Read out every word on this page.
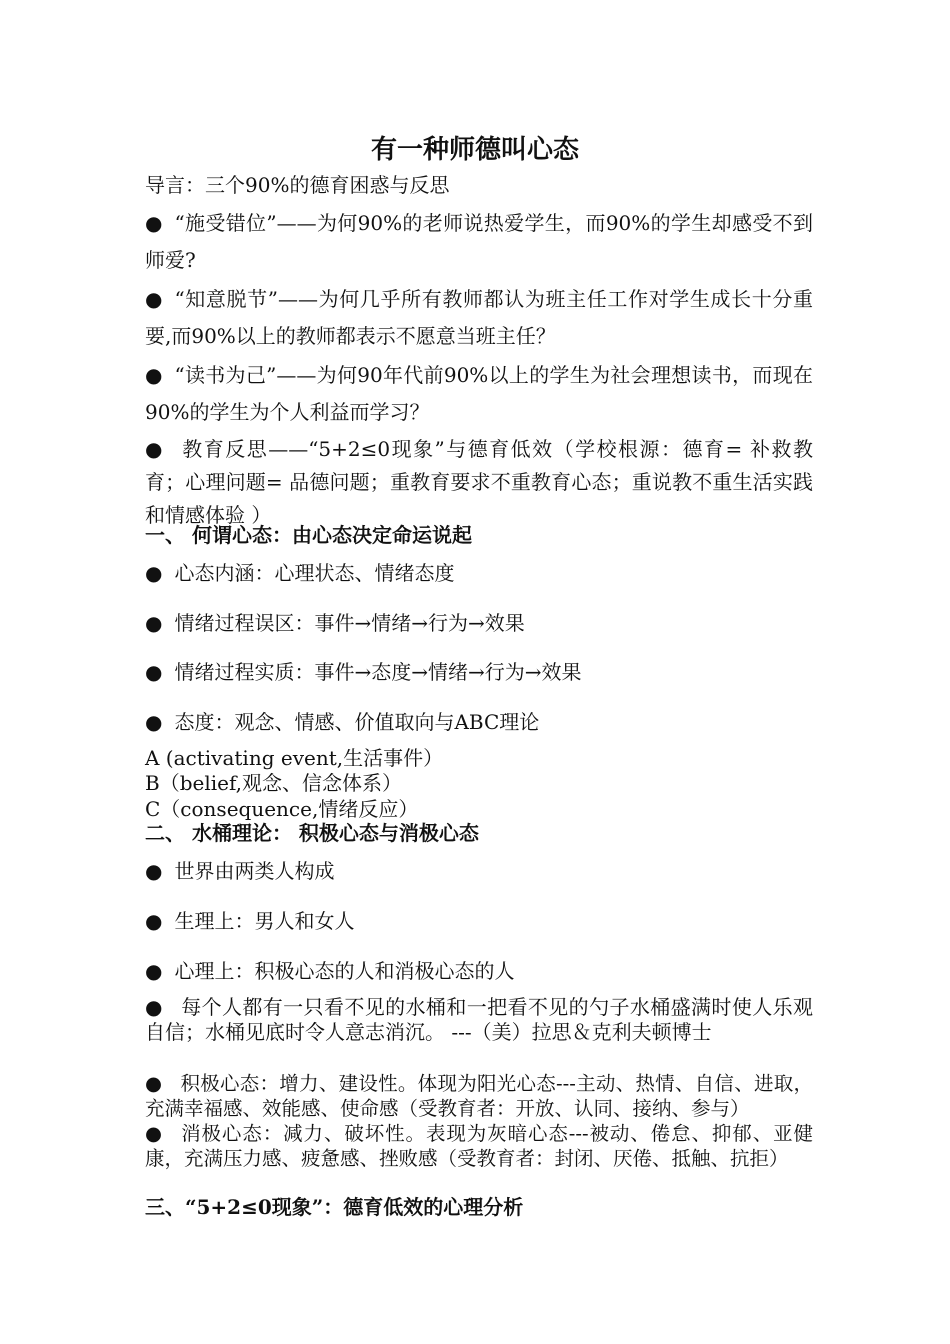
有一种师德叫心态

导言：三个90%的德育困惑与反思

● “施受错位”——为何90%的老师说热爱学生，而90%的学生却感受不到师爱?

● “知意脱节”——为何几乎所有教师都认为班主任工作对学生成长十分重要,而90%以上的教师都表示不愿意当班主任？

● “读书为己”——为何90年代前90%以上的学生为社会理想读书，而现在90%的学生为个人利益而学习？

● 教育反思——“5+2≤0现象”与德育低效（学校根源：德育= 补救教育；心理问题= 品德问题；重教育要求不重教育心态；重说教不重生活实践和情感体验 ）

一、 何谓心态：由心态决定命运说起

● 心态内涵：心理状态、情绪态度

● 情绪过程误区：事件→情绪→行为→效果

● 情绪过程实质：事件→态度→情绪→行为→效果

● 态度：观念、情感、价值取向与ABC理论

A (activating event,生活事件）

B（belief,观念、信念体系）

C（consequence,情绪反应）

二、 水桶理论： 积极心态与消极心态

● 世界由两类人构成

● 生理上：男人和女人

● 心理上：积极心态的人和消极心态的人

● 每个人都有一只看不见的水桶和一把看不见的勺子水桶盛满时使人乐观自信；水桶见底时令人意志消沉。 ---（美）拉思＆克利夫顿博士

● 积极心态：增力、建设性。体现为阳光心态---主动、热情、自信、进取，充满幸福感、效能感、使命感（受教育者：开放、认同、接纳、参与）

● 消极心态：减力、破坏性。表现为灰暗心态---被动、倦怠、抑郁、亚健康，充满压力感、疲惫感、挫败感（受教育者：封闭、厌倦、抵触、抗拒）

三、“5+2≤0现象”：德育低效的心理分析
